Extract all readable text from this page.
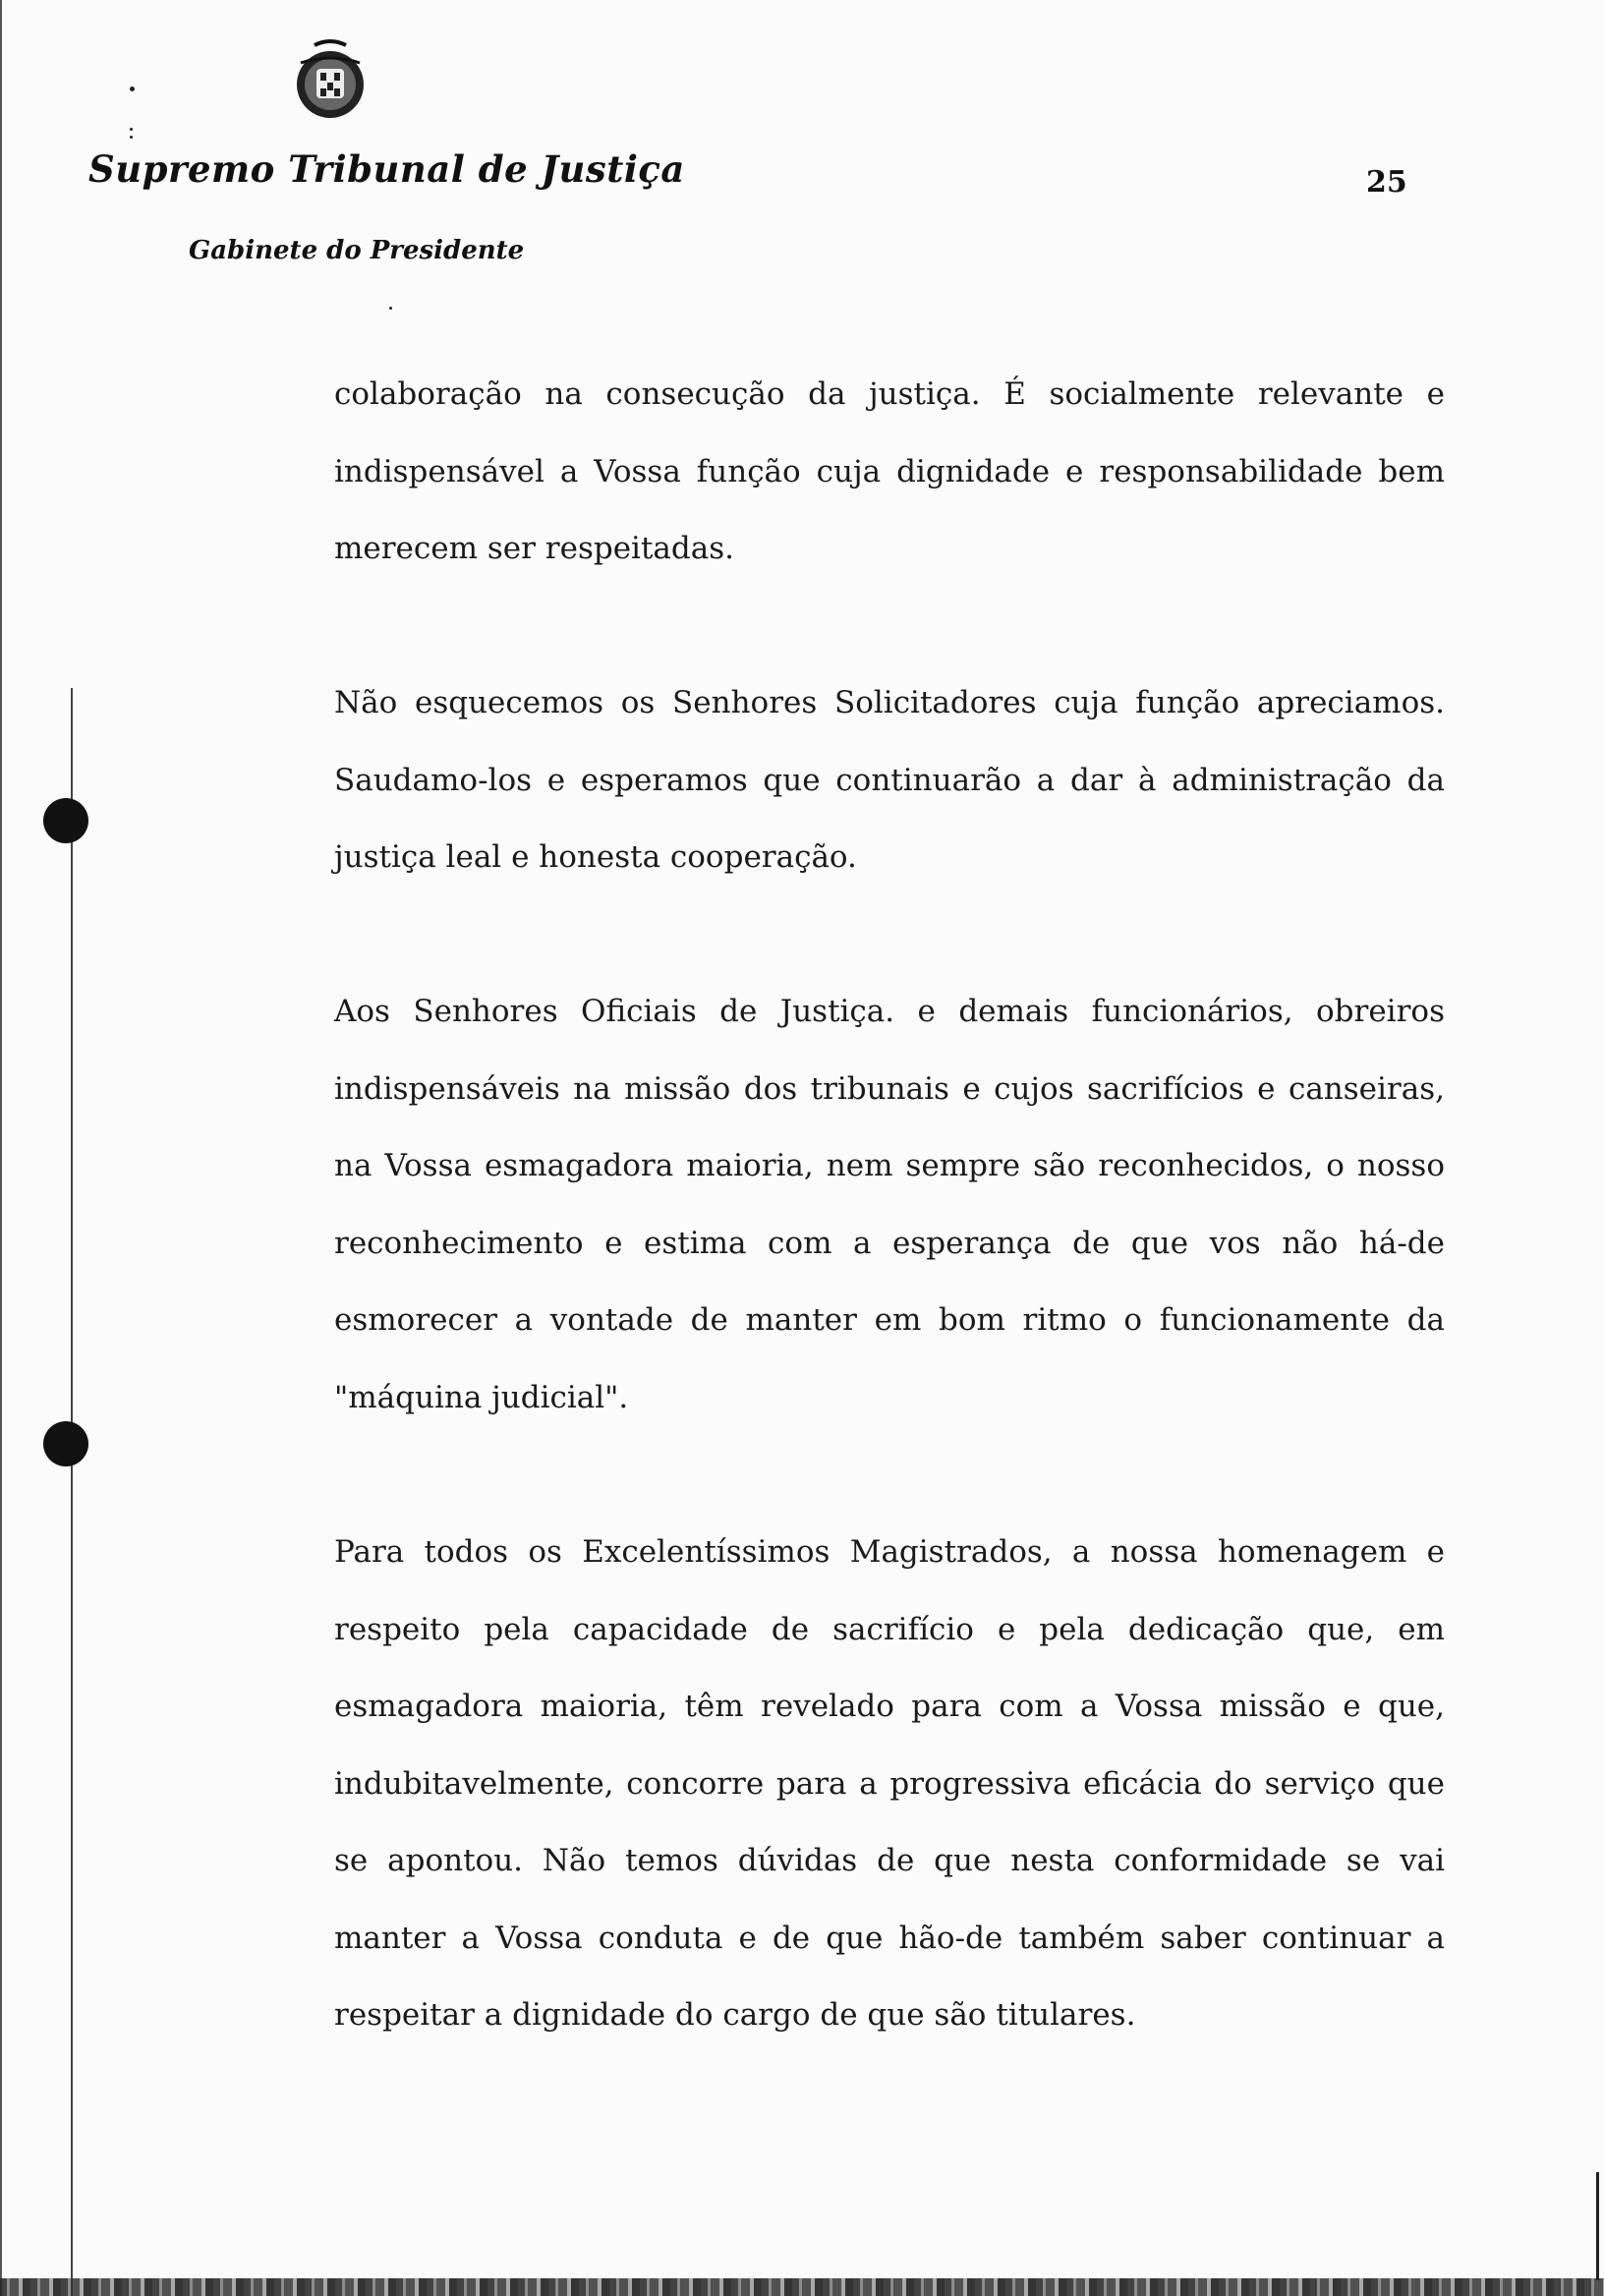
Supremo Tribunal de Justiça
Gabinete do Presidente
25

colaboração na consecução da justiça. É socialmente relevante e indispensável a Vossa função cuja dignidade e responsabilidade bem merecem ser respeitadas.

Não esquecemos os Senhores Solicitadores cuja função apreciamos. Saudamo-los e esperamos que continuarão a dar à administração da justiça leal e honesta cooperação.

Aos Senhores Oficiais de Justiça. e demais funcionários, obreiros indispensáveis na missão dos tribunais e cujos sacrifícios e canseiras, na Vossa esmagadora maioria, nem sempre são reconhecidos, o nosso reconhecimento e estima com a esperança de que vos não há-de esmorecer a vontade de manter em bom ritmo o funcionamente da "máquina judicial".

Para todos os Excelentíssimos Magistrados, a nossa homenagem e respeito pela capacidade de sacrifício e pela dedicação que, em esmagadora maioria, têm revelado para com a Vossa missão e que, indubitavelmente, concorre para a progressiva eficácia do serviço que se apontou. Não temos dúvidas de que nesta conformidade se vai manter a Vossa conduta e de que hão-de também saber continuar a respeitar a dignidade do cargo de que são titulares.
